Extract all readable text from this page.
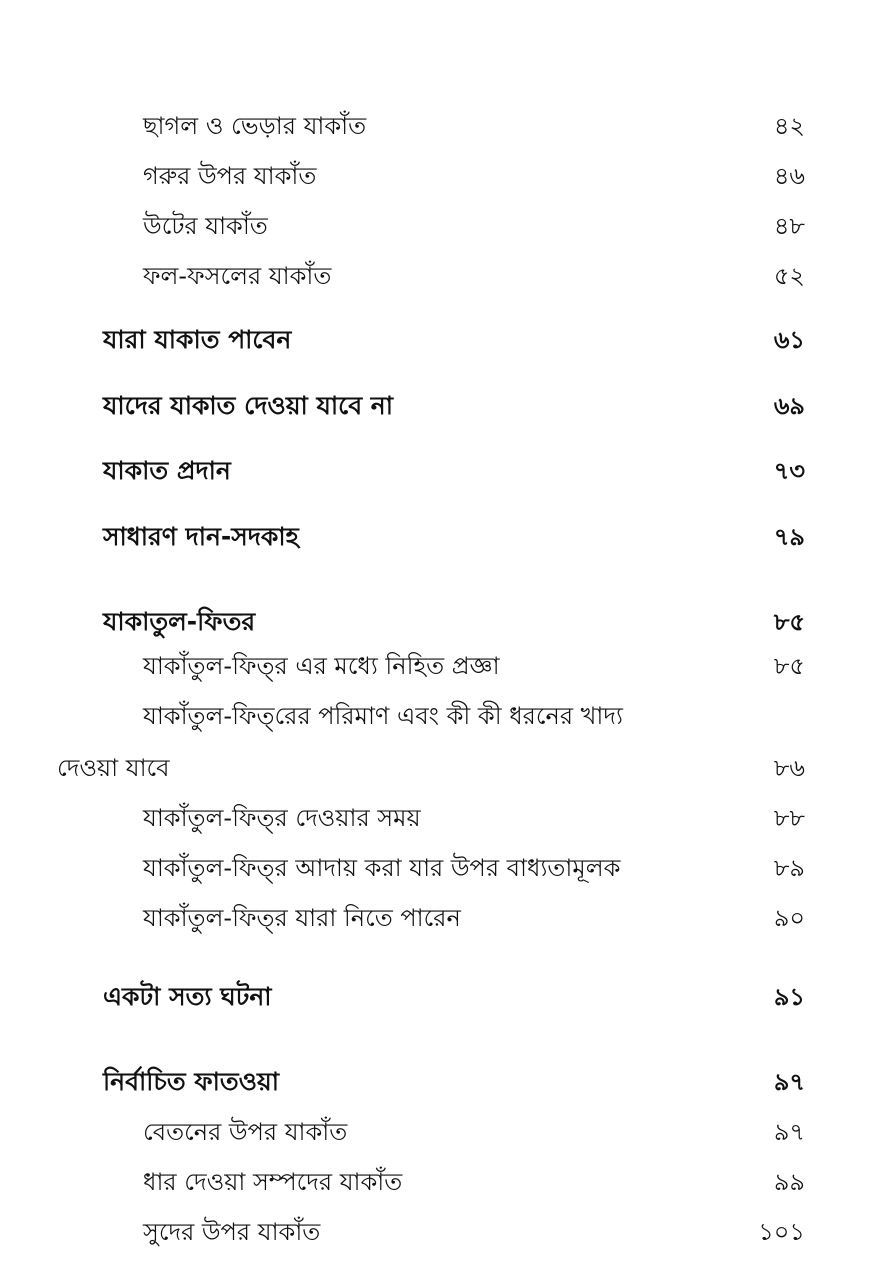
ছাগল ও ভেড়ার যাকাঁত	৪২
গরুর উপর যাকাঁত	৪৬
উটের যাকাঁত	৪৮
ফল-ফসলের যাকাঁত	৫২
যারা যাকাত পাবেন	৬১
যাদের যাকাত দেওয়া যাবে না	৬৯
যাকাত প্রদান	৭৩
সাধারণ দান-সদকাহ	৭৯
যাকাতুল-ফিতর	৮৫
যাকাঁতুল-ফিত্‌র এর মধ্যে নিহিত প্রজ্ঞা	৮৫
যাকাঁতুল-ফিত্‌রের পরিমাণ এবং কী কী ধরনের খাদ্য
দেওয়া যাবে	৮৬
যাকাঁতুল-ফিত্‌র দেওয়ার সময়	৮৮
যাকাঁতুল-ফিত্‌র আদায় করা যার উপর বাধ্যতামূলক	৮৯
যাকাঁতুল-ফিত্‌র যারা নিতে পারেন	৯০
একটা সত্য ঘটনা	৯১
নির্বাচিত ফাতওয়া	৯৭
বেতনের উপর যাকাঁত	৯৭
ধার দেওয়া সম্পদের যাকাঁত	৯৯
সুদের উপর যাকাঁত	১০১
